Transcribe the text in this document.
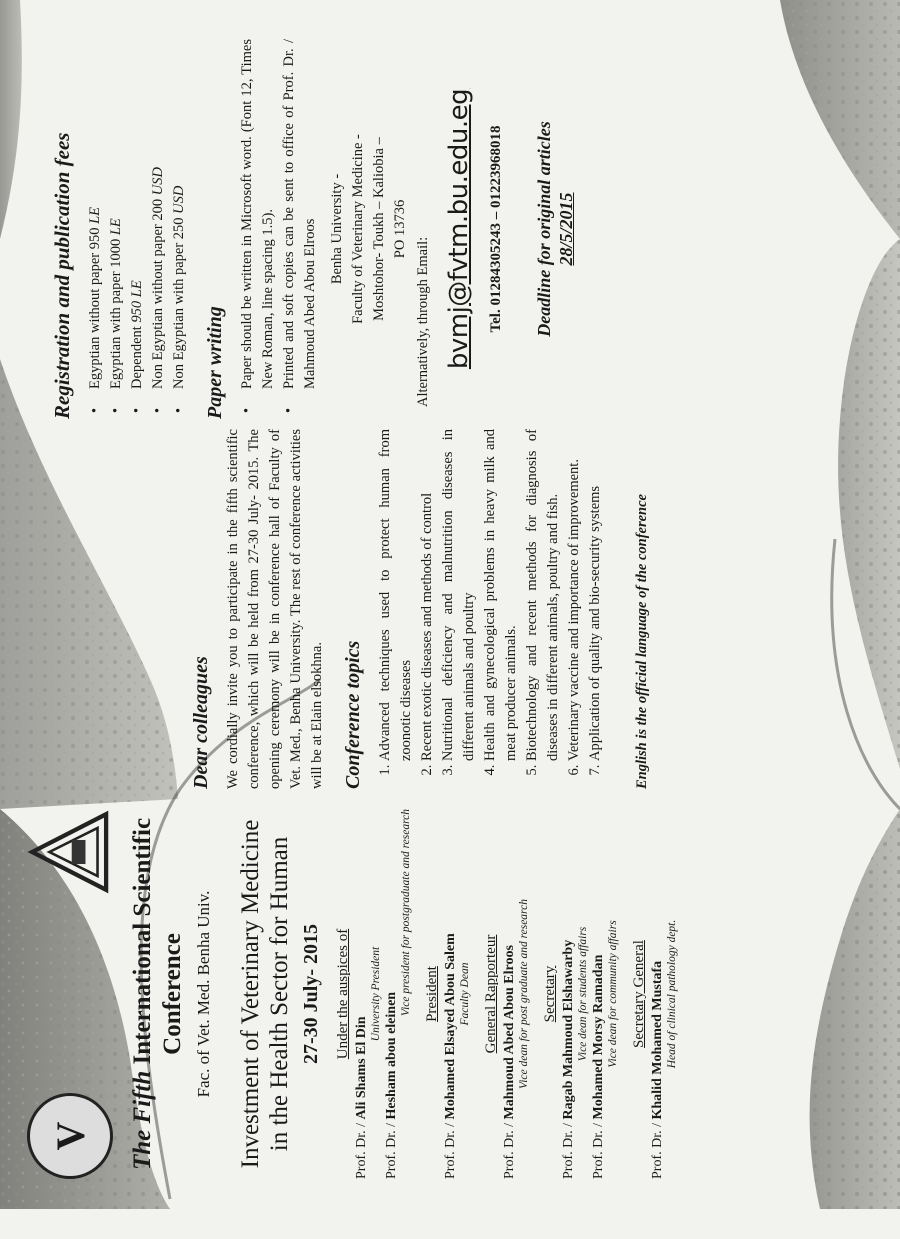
V The Fifth International Scientific Conference Fac. of Vet. Med. Benha Univ. Investment of Veterinary Medicine
in the Health Sector for Human 27-30 July- 2015 Under the auspices of
Prof. Dr. / Ali Shams El Din
University President
Prof. Dr. / Hesham abou eleinen
Vice president for postgraduate and research President
Prof. Dr. / Mohamed Elsayed Abou Salem Faculty Dean General Rapporteur
Prof. Dr. / Mahmoud Abed Abou Elroos Vice dean for post graduate and research Secretary
Prof. Dr. / Ragab Mahmoud Elshawarby Vice dean for students affairs
Prof. Dr. / Mohamed Morsy Ramadan Vice dean for community affairs Secretary General
Prof. Dr. / Khalid Mohamed Mustafa Head of clinical pathology dept.
Dear colleagues We cordially invite you to participate in the fifth scientific conference, which will be held from 27-30 July- 2015. The opening ceremony will be in conference hall of Faculty of Vet. Med., Benha University. The rest of conference activities will be at Elain elsokhna. Conference topics 1. Advanced techniques used to protect human from zoonotic diseases 2. Recent exotic diseases and methods of control 3. Nutritional deficiency and malnutrition diseases in different animals and poultry 4. Health and gynecological problems in heavy milk and meat producer animals. 5. Biotechnology and recent methods for diagnosis of diseases in different animals, poultry and fish. 6. Veterinary vaccine and importance of improvement. 7. Application of quality and bio-security systems English is the official language of the conference
Registration and publication fees • Egyptian without paper 950 LE
• Egyptian with paper 1000 LE
• Dependent 950 LE • Non Egyptian without paper 200 USD
• Non Egyptian with paper 250 USD
Paper writing • Paper should be written in Microsoft word. (Font 12, Times New Roman, line spacing 1.5). • Printed and soft copies can be sent to office of Prof. Dr. / Mahmoud Abed Abou Elroos Benha University - Faculty of Veterinary Medicine - Moshtohor- Toukh – Kaliobia – PO 13736
Alternatively, through Email: bvmj@fvtm.bu.edu.eg Tel. 01284305243 – 01223968018 Deadline for original articles 28/5/2015
